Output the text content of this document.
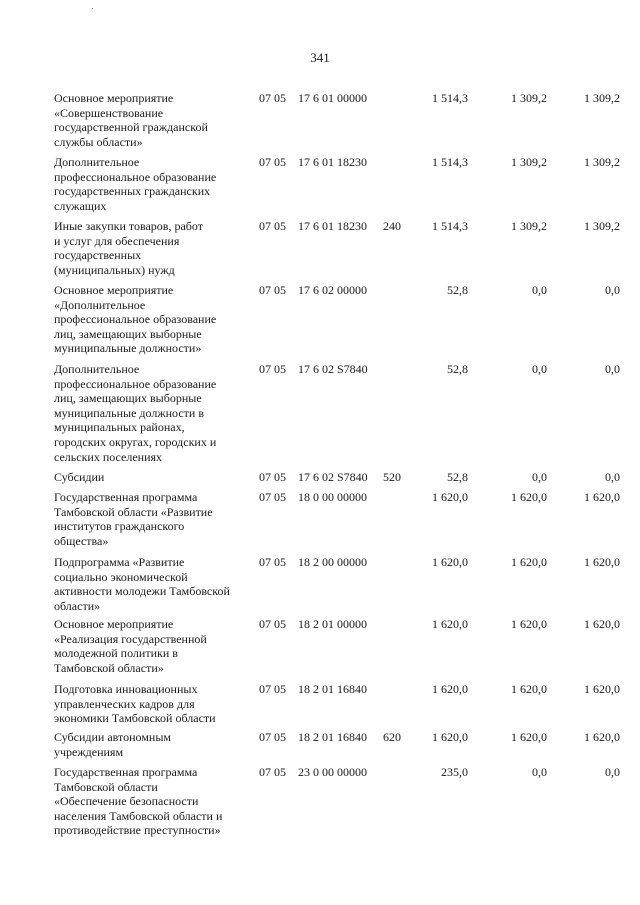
341
Основное мероприятие
«Совершенствование
государственной гражданской
службы области»
07 05 17 6 01 00000	1 514,3	1 309,2	1 309,2
Дополнительное
профессиональное образование
государственных гражданских
служащих
07 05 17 6 01 18230	1 514,3	1 309,2	1 309,2
Иные закупки товаров, работ
и услуг для обеспечения
государственных
(муниципальных) нужд
07 05 17 6 01 18230 240	1 514,3	1 309,2	1 309,2
Основное мероприятие
«Дополнительное
профессиональное образование
лиц, замещающих выборные
муниципальные должности»
07 05 17 6 02 00000	52,8	0,0	0,0
Дополнительное
профессиональное образование
лиц, замещающих выборные
муниципальные должности в
муниципальных районах,
городских округах, городских и
сельских поселениях
07 05 17 6 02 S7840	52,8	0,0	0,0
Субсидии	07 05 17 6 02 S7840 520	52,8	0,0	0,0
Государственная программа
Тамбовской области «Развитие
институтов гражданского
общества»
07 05 18 0 00 00000	1 620,0	1 620,0	1 620,0
Подпрограмма «Развитие
социально экономической
активности молодежи Тамбовской
области»
07 05 18 2 00 00000	1 620,0	1 620,0	1 620,0
Основное мероприятие
«Реализация государственной
молодежной политики в
Тамбовской области»
07 05 18 2 01 00000	1 620,0	1 620,0	1 620,0
Подготовка инновационных
управленческих кадров для
экономики Тамбовской области
07 05 18 2 01 16840	1 620,0	1 620,0	1 620,0
Субсидии автономным
учреждениям
07 05 18 2 01 16840 620	1 620,0	1 620,0	1 620,0
Государственная программа
Тамбовской области
«Обеспечение безопасности
населения Тамбовской области и
противодействие преступности»
07 05 23 0 00 00000	235,0	0,0	0,0
